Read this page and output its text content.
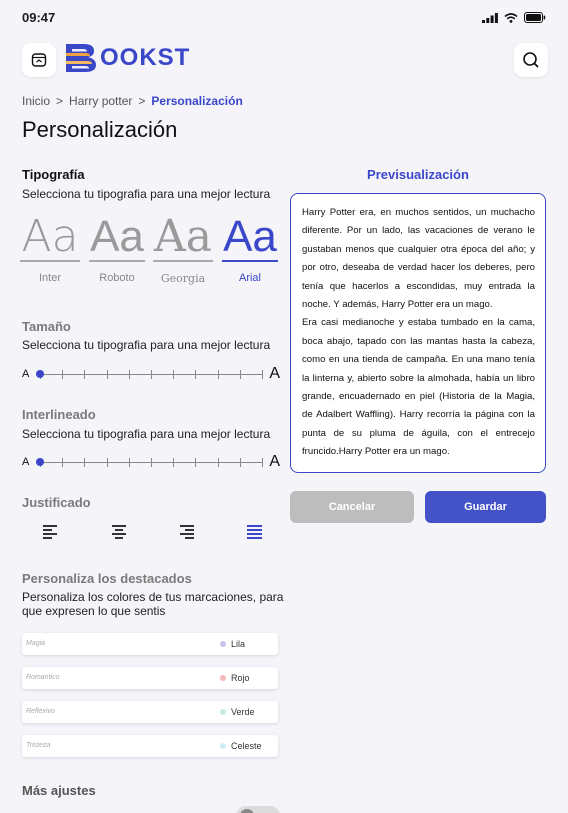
09:47
OOKST
Inicio > Harry potter > Personalización
Personalización
Tipografía
Selecciona tu tipografia para una mejor lectura
Aa
Inter
Aa
Roboto
Aa
Georgia
Aa
Arial
Tamaño
Selecciona tu tipografia para una mejor lectura
A	A
Interlineado
Selecciona tu tipografia para una mejor lectura
A	A
Justificado
Personaliza los destacados
Personaliza los colores de tus marcaciones, para
que expresen lo que sentis
Magia	Lila
Romantico	Rojo
Reflexivo	Verde
Tristeza	Celeste
Más ajustes
Previsualización

Harry Potter era, en muchos sentidos, un muchacho diferente. Por un lado, las vacaciones de verano le gustaban menos que cualquier otra época del año; y por otro, deseaba de verdad hacer los deberes, pero tenía que hacerlos a escondidas, muy entrada la noche. Y además, Harry Potter era un mago.

Era casi medianoche y estaba tumbado en la cama, boca abajo, tapado con las mantas hasta la cabeza, como en una tienda de campaña. En una mano tenía la linterna y, abierto sobre la almohada, había un libro grande, encuadernado en piel (Historia de la Magia, de Adalbert Waffling). Harry recorría la página con la punta de su pluma de águila, con el entrecejo fruncido.Harry Potter era un mago.

Cancelar	Guardar
